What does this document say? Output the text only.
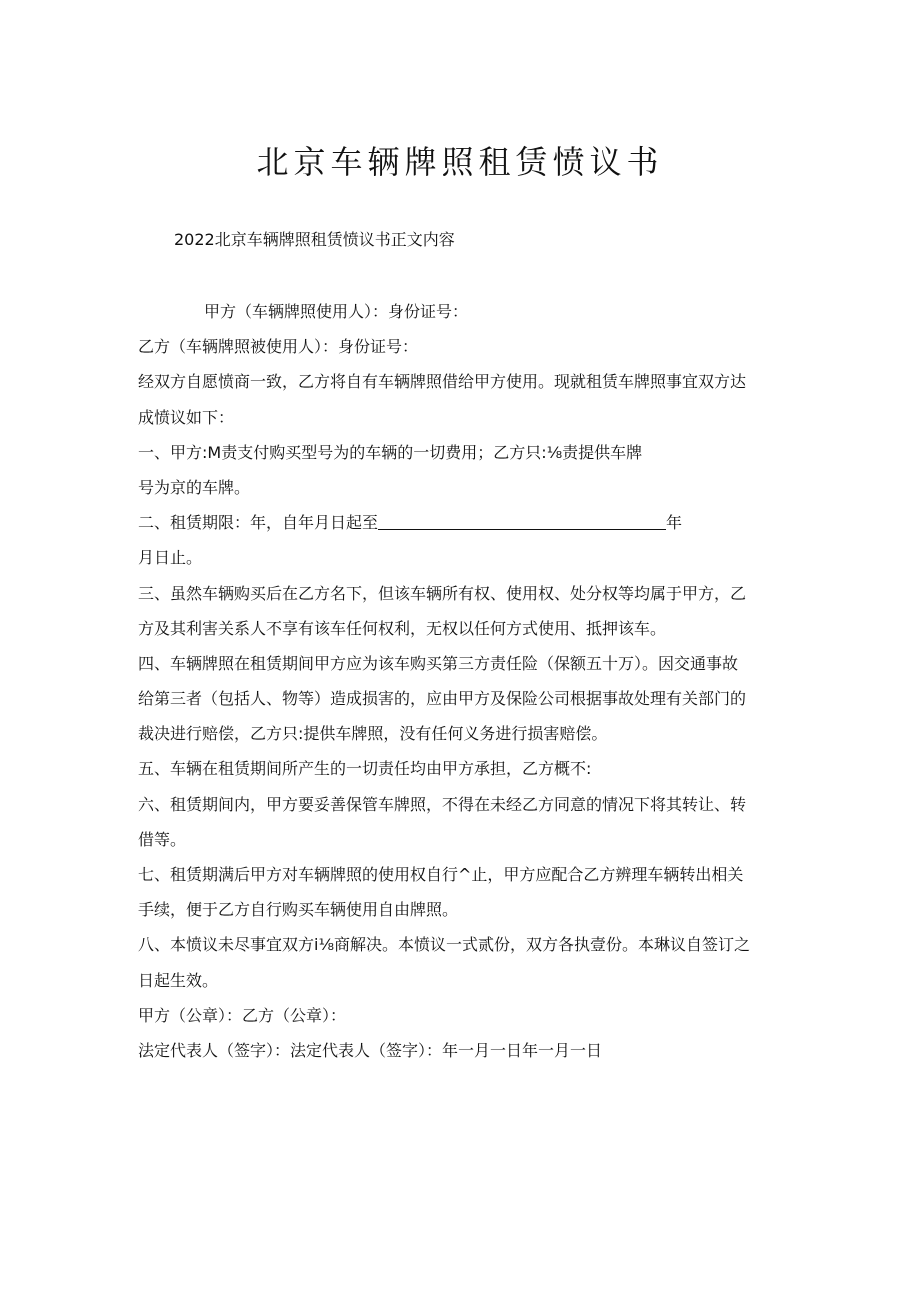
北京车辆牌照租赁愤议书
2022北京车辆牌照租赁愤议书正文内容
甲方（车辆牌照使用人）：身份证号：
乙方（车辆牌照被使用人）：身份证号：
经双方自愿愤商一致，乙方将自有车辆牌照借给甲方使用。现就租赁车牌照事宜双方达
成愤议如下：
一、甲方:M责支付购买型号为的车辆的一切费用；乙方只:⅛责提供车牌
号为京的车牌。
二、租赁期限：年，自年月日起至	年
月日止。
三、虽然车辆购买后在乙方名下，但该车辆所有权、使用权、处分权等均属于甲方，乙
方及其利害关系人不享有该车任何权利，无权以任何方式使用、抵押该车。
四、车辆牌照在租赁期间甲方应为该车购买第三方责任险（保额五十万）。因交通事故
给第三者（包括人、物等）造成损害的，应由甲方及保险公司根据事故处理有关部门的
裁决进行赔偿，乙方只:提供车牌照，没有任何义务进行损害赔偿。
五、车辆在租赁期间所产生的一切责任均由甲方承担，乙方概不:
六、租赁期间内，甲方要妥善保管车牌照，不得在未经乙方同意的情况下将其转让、转
借等。
七、租赁期满后甲方对车辆牌照的使用权自行^止，甲方应配合乙方辨理车辆转出相关
手续，便于乙方自行购买车辆使用自由牌照。
八、本愤议未尽事宜双方i⅛商解决。本愤议一式贰份，双方各执壹份。本琳议自签订之
日起生效。
甲方（公章）：乙方（公章）：
法定代表人（签字）：法定代表人（签字）：年一月一日年一月一日
